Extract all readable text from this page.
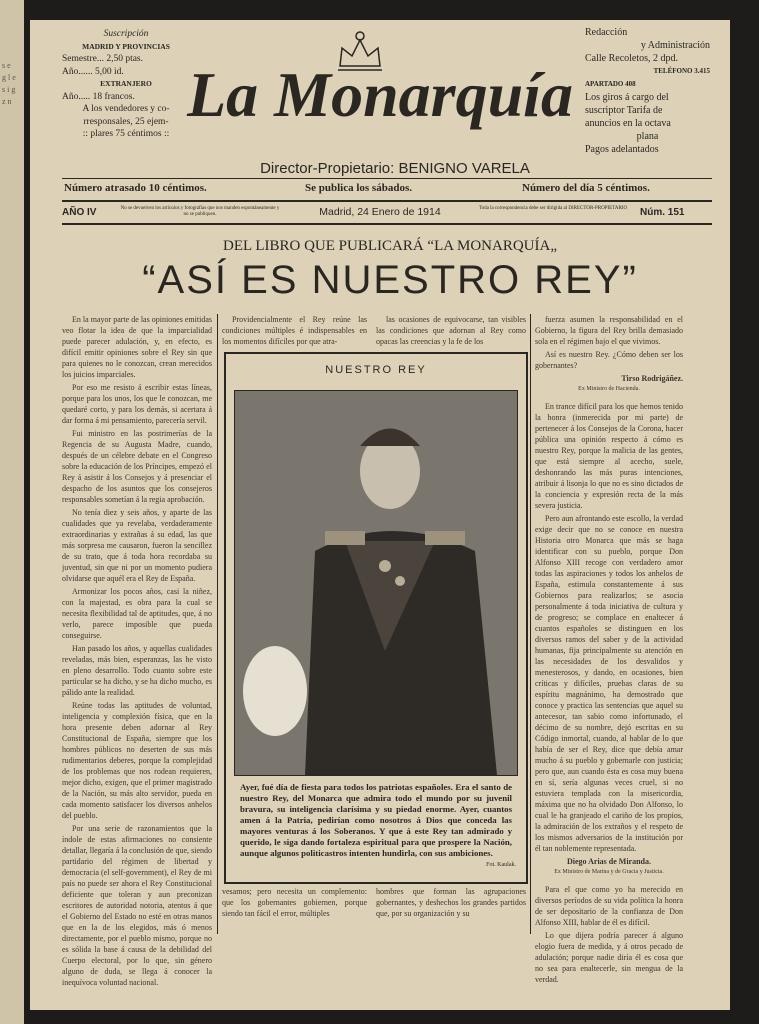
s e g l e s i g z n
Suscripción
MADRID Y PROVINCIAS
Semestre... 2,50 ptas.
Año...... 5,00 id.
EXTRANJERO
Año..... 18 francos.
A los vendedores y co-
rresponsales, 25 ejem-
:: plares 75 céntimos ::
La Monarquía
Director-Propietario: BENIGNO VARELA
Redacción
y Administración
Calle Recoletos, 2 dpd.
TELÉFONO 3.415
APARTADO 408
Los giros á cargo del
suscriptor Tarifa de
anuncios en la octava
plana
Pagos adelantados
Número atrasado 10 céntimos.	Se publica los sábados.	Número del día 5 céntimos.
AÑO IV	No se devuelven los artículos y fotografías que nos manden espontáneamente y no se publiquen.	Madrid, 24 Enero de 1914	Toda la correspondencia debe ser dirigida al DIRECTOR-PROPIETARIO Núm. 151
DEL LIBRO QUE PUBLICARÁ “LA MONARQUÍA„
“ASÍ ES NUESTRO REY”

En la mayor parte de las opiniones emitidas veo flotar la idea de que la imparcialidad puede parecer adulación, y, en efecto, es difícil emitir opiniones sobre el Rey sin que para quienes no le conozcan, crean merecidos los juicios imparciales.

Por eso me resisto á escribir estas líneas, porque para los unos, los que le conozcan, me quedaré corto, y para los demás, si acertara á dar forma á mi pensamiento, parecería servil.

Fui ministro en las postrimerías de la Regencia de su Augusta Madre, cuando, después de un célebre debate en el Congreso sobre la educación de los Príncipes, empezó el Rey á asistir á los Consejos y á presenciar el despacho de los asuntos que los consejeros responsables sometían á la regia aprobación.

No tenía diez y seis años, y aparte de las cualidades que ya revelaba, verdaderamente extraordinarias y extrañas á su edad, las que más sorpresa me causaron, fueron la sencillez de su trato, que á toda hora recordaba su juventud, sin que ni por un momento pudiera olvidarse que aquél era el Rey de España.

Armonizar los pocos años, casi la niñez, con la majestad, es obra para la cual se necesita flexibilidad tal de aptitudes, que, á no verlo, parece imposible que pueda conseguirse.

Han pasado los años, y aquellas cualidades reveladas, más bien, esperanzas, las he visto en pleno desarrollo. Todo cuanto sobre este particular se ha dicho, y se ha dicho mucho, es pálido ante la realidad.

Reúne todas las aptitudes de voluntad, inteligencia y complexión física, que en la hora presente deben adornar al Rey Constitucional de España, siempre que los hombres públicos no deserten de sus más rudimentarios deberes, porque la complejidad de los problemas que nos rodean requieren, mejor dicho, exigen, que el primer magistrado de la Nación, su más alto servidor, pueda en cada momento satisfacer los diversos anhelos del pueblo.

Por una serie de razonamientos que la índole de estas afirmaciones no consiente detallar, llegaría á la conclusión de que, siendo partidario del régimen de libertad y democracia (el self-government), el Rey de mi país no puede ser ahora el Rey Constitucional deficiente que toleran y aun preconizan escritores de autoridad notoria, atentos á que el Gobierno del Estado no esté en otras manos que en la de los elegidos, más ó menos directamente, por el pueblo mismo, porque no es sólida la base á causa de la debilidad del Cuerpo electoral, por lo que, sin género alguno de duda, se llega á conocer la inequívoca voluntad nacional.

Providencialmente el Rey reúne las condiciones múltiples é indispensables en los momentos difíciles por que atra-

las ocasiones de equivocarse, tan visibles las condiciones que adornan al Rey como opacas las creencias y la fe de los

NUESTRO REY
Fot. Kaulak.
Ayer, fué día de fiesta para todos los patriotas españoles. Era el santo de nuestro Rey, del Monarca que admira todo el mundo por su juvenil bravura, su inteligencia clarísima y su piedad enorme. Ayer, cuantos amen á la Patria, pedirían como nosotros á Dios que conceda las mayores venturas á los Soberanos. Y que á este Rey tan admirado y querido, le siga dando fortaleza espiritual para que prospere la Nación, aunque algunos politicastros intenten hundirla, con sus ambiciones.

vesamos; pero necesita un complemento: que los gobernantes gobiernen, porque siendo tan fácil el error, múltiples

hombres que forman las agrupaciones gobernantes, y deshechos los grandes partidos que, por su organización y su

fuerza asumen la responsabilidad en el Gobierno, la figura del Rey brilla demasiado sola en el régimen bajo el que vivimos.

Así es nuestro Rey. ¿Cómo deben ser los gobernantes?

Tirso Rodrigáñez.
Ex Ministro de Hacienda.

En trance difícil para los que hemos tenido la honra (inmerecida por mi parte) de pertenecer á los Consejos de la Corona, hacer pública una opinión respecto á cómo es nuestro Rey, porque la malicia de las gentes, que está siempre al acecho, suele, deshonrando las más puras intenciones, atribuir á lisonja lo que no es sino dictados de la conciencia y expresión recta de la más severa justicia.

Pero aun afrontando este escollo, la verdad exige decir que no se conoce en nuestra Historia otro Monarca que más se haga identificar con su pueblo, porque Don Alfonso XIII recoge con verdadero amor todas las aspiraciones y todos los anhelos de España, estimula constantemente á sus Gobiernos para realizarlos; se asocia personalmente á toda iniciativa de cultura y de progreso; se complace en enaltecer á cuantos españoles se distinguen en los diversos ramos del saber y de la actividad humanas, fija principalmente su atención en las necesidades de los desvalidos y menesterosos, y dando, en ocasiones, bien críticas y difíciles, pruebas claras de su espíritu magnánimo, ha demostrado que conoce y practica las sentencias que aquel su antecesor, tan sabio como infortunado, el décimo de su nombre, dejó escritas en su Código inmortal, cuando, al hablar de lo que había de ser el Rey, dice que debía amar mucho á su pueblo y gobernarle con justicia; pero que, aun cuando ésta es cosa muy buena en sí, sería algunas veces cruel, si no estuviera templada con la misericordia, máxima que no ha olvidado Don Alfonso, lo cual le ha granjeado el cariño de los propios, la admiración de los extraños y el respeto de los mismos adversarios de la institución por él tan noblemente representada.

Diego Arias de Miranda.
Ex Ministro de Marina y de Gracia y Justicia.

Para el que como yo ha merecido en diversos períodos de su vida política la honra de ser depositario de la confianza de Don Alfonso XIII, hablar de él es difícil.

Lo que dijera podría parecer á alguno elogio fuera de medida, y á otros pecado de adulación; porque nadie diría él es cosa que no sea para enaltecerle, sin mengua de la verdad.
